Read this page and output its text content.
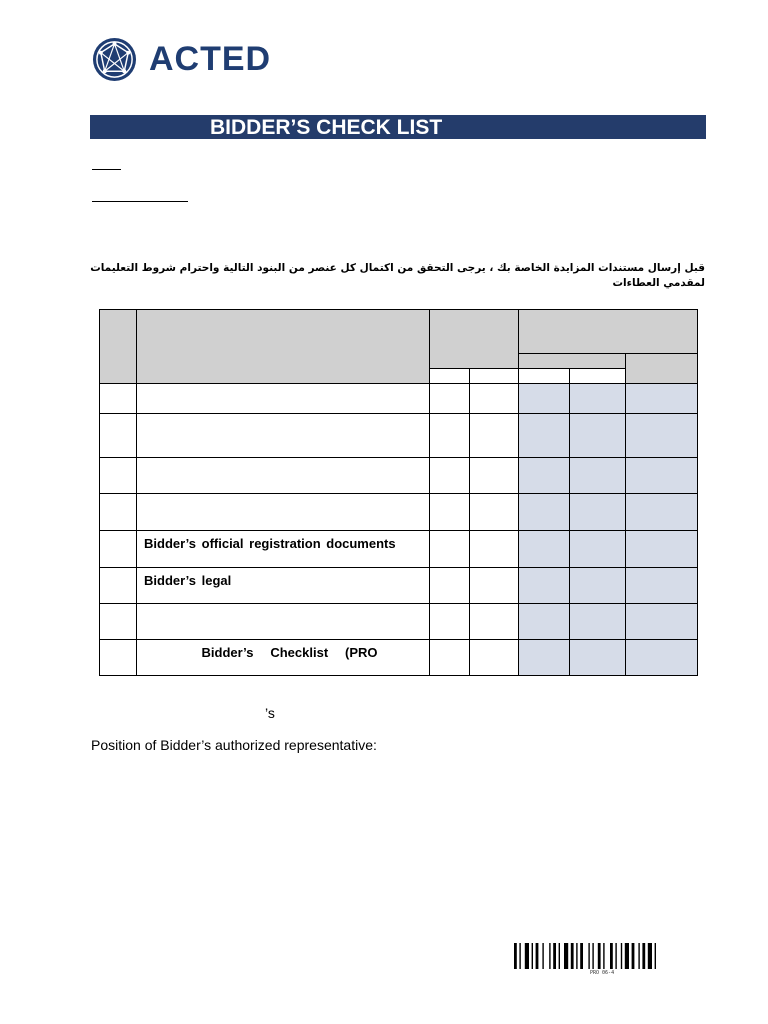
ACTED
BIDDER’S CHECK LIST
قبل إرسال مستندات المزايدة الخاصة بك ، يرجى التحقق من اكتمال كل عنصر من البنود التالية واحترام شروط التعليمات لمقدمي العطاءات

	Bidder’s official registration documents					

	Bidder’s legal					

	Bidder’s   Checklist   (PRO					

’s
Position of Bidder’s authorized representative:
PRO 06-4
